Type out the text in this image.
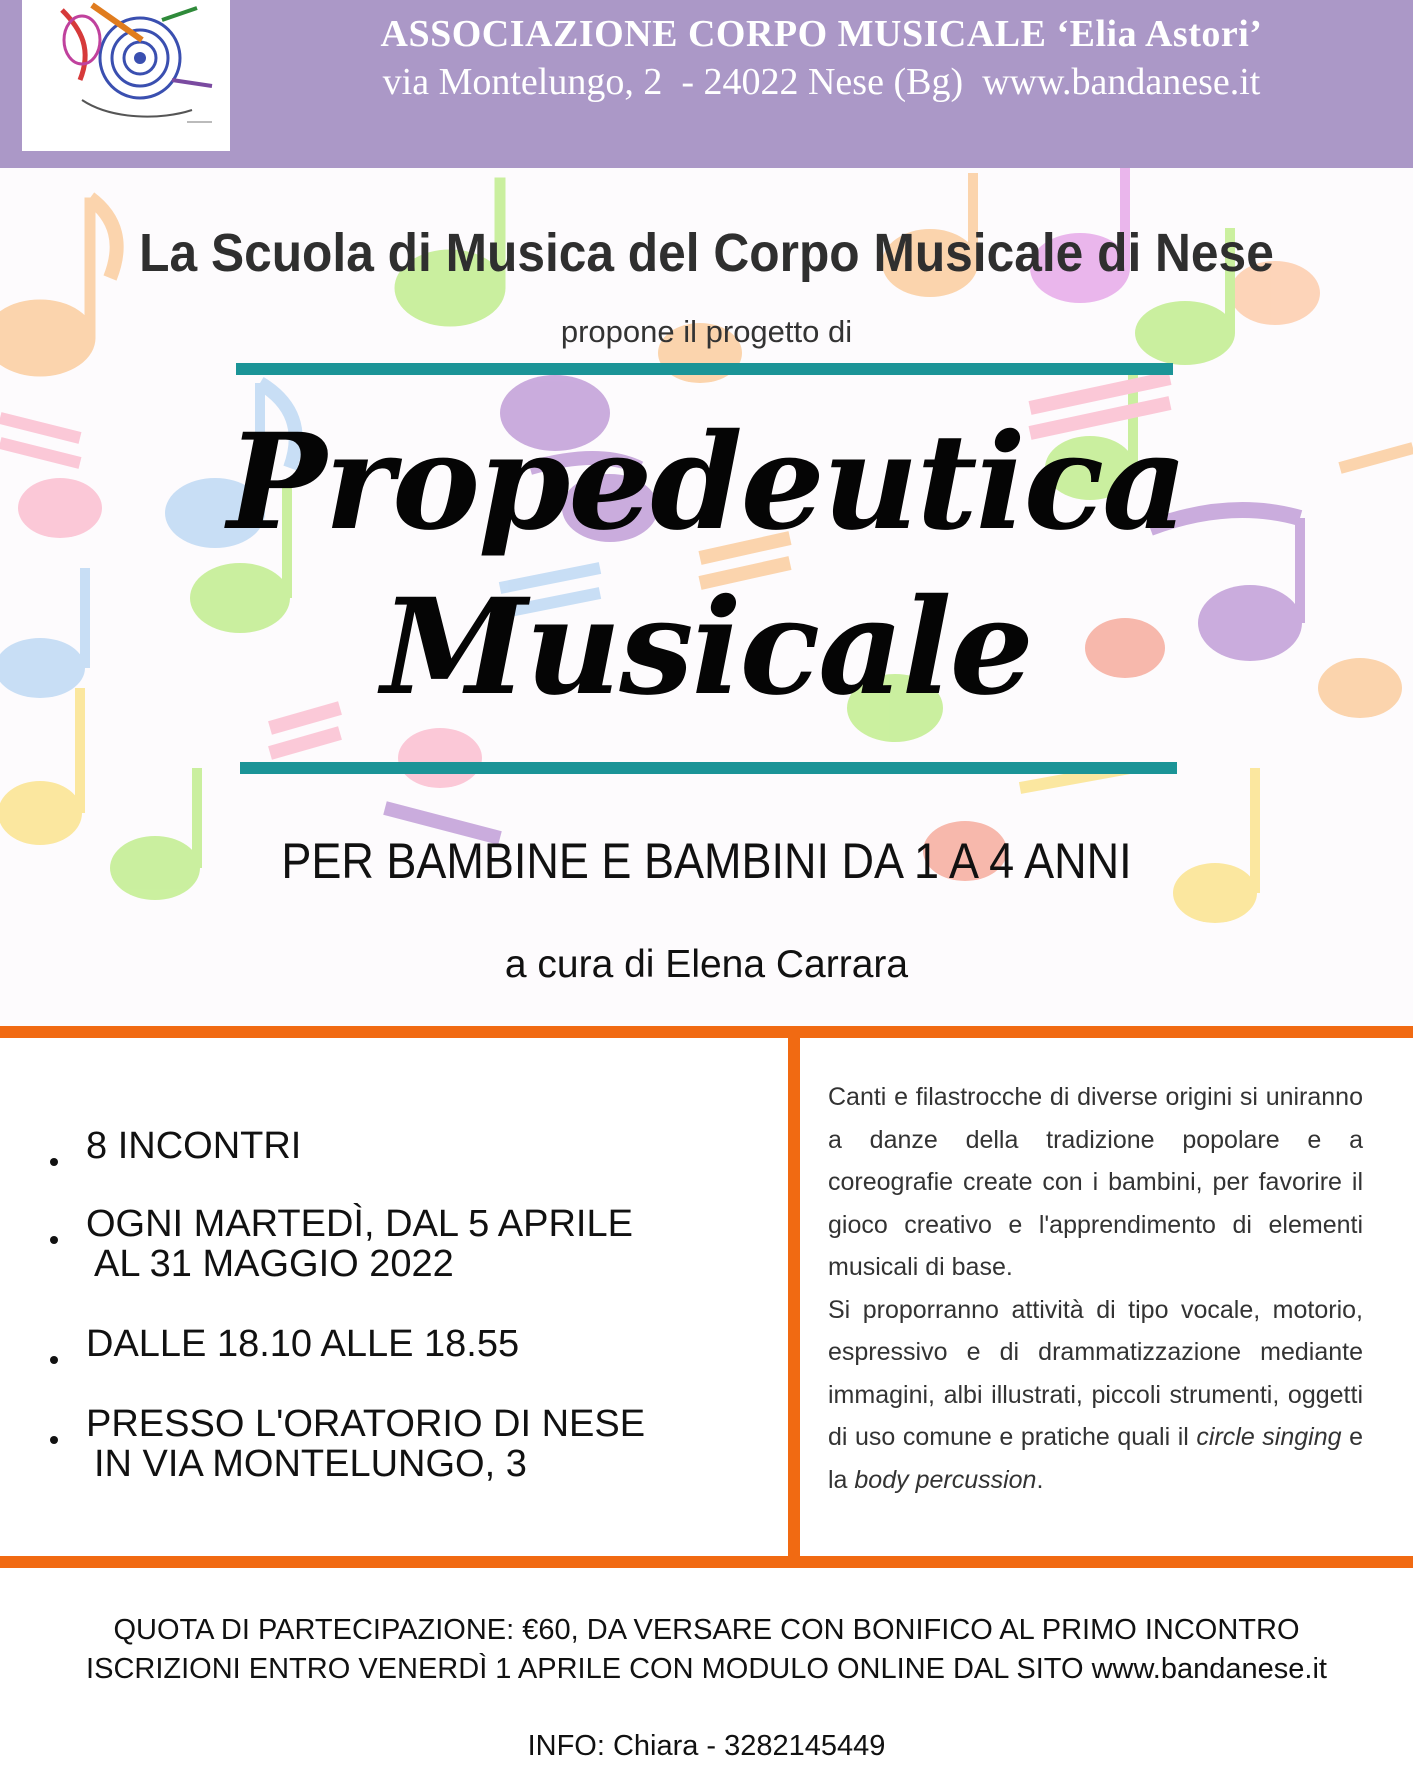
ASSOCIAZIONE CORPO MUSICALE ‘Elia Astori’
via Montelungo, 2  - 24022 Nese (Bg)  www.bandanese.it
La Scuola di Musica del Corpo Musicale di Nese
propone il progetto di
Propedeutica
Musicale
PER BAMBINE E BAMBINI DA 1 A 4 ANNI
a cura di Elena Carrara
8 INCONTRI
OGNI MARTEDÌ, DAL 5 APRILE
AL 31 MAGGIO 2022
DALLE 18.10 ALLE 18.55
PRESSO L'ORATORIO DI NESE
IN VIA MONTELUNGO, 3

Canti e filastrocche di diverse origini si uniranno a danze della tradizione popolare e a coreografie create con i bambini, per favorire il gioco creativo e l'apprendimento di elementi musicali di base.

Si proporranno attività di tipo vocale, motorio, espressivo e di drammatizzazione mediante immagini, albi illustrati, piccoli strumenti, oggetti di uso comune e pratiche quali il circle singing e la body percussion.

QUOTA DI PARTECIPAZIONE: €60, DA VERSARE CON BONIFICO AL PRIMO INCONTRO
ISCRIZIONI ENTRO VENERDÌ 1 APRILE CON MODULO ONLINE DAL SITO www.bandanese.it
INFO: Chiara - 3282145449
